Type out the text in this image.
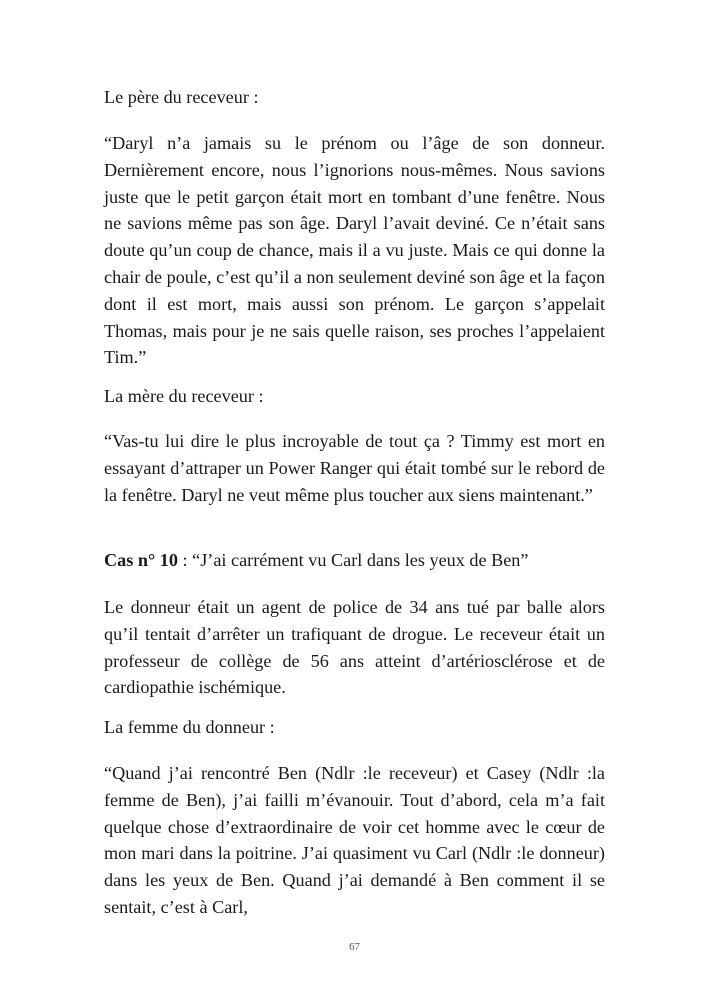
Le père du receveur :

“Daryl n’a jamais su le prénom ou l’âge de son donneur. Dernièrement encore, nous l’ignorions nous-mêmes. Nous savions juste que le petit garçon était mort en tombant d’une fenêtre. Nous ne savions même pas son âge. Daryl l’avait deviné. Ce n’était sans doute qu’un coup de chance, mais il a vu juste. Mais ce qui donne la chair de poule, c’est qu’il a non seulement deviné son âge et la façon dont il est mort, mais aussi son prénom. Le garçon s’appelait Thomas, mais pour je ne sais quelle raison, ses proches l’appelaient Tim.”

La mère du receveur :

“Vas-tu lui dire le plus incroyable de tout ça ? Timmy est mort en essayant d’attraper un Power Ranger qui était tombé sur le rebord de la fenêtre. Daryl ne veut même plus toucher aux siens maintenant.”

Cas n° 10 : “J’ai carrément vu Carl dans les yeux de Ben”

Le donneur était un agent de police de 34 ans tué par balle alors qu’il tentait d’arrêter un trafiquant de drogue. Le receveur était un professeur de collège de 56 ans atteint d’artériosclérose et de cardiopathie ischémique.

La femme du donneur :

“Quand j’ai rencontré Ben (Ndlr :le receveur) et Casey (Ndlr :la femme de Ben), j’ai failli m’évanouir. Tout d’abord, cela m’a fait quelque chose d’extraordinaire de voir cet homme avec le cœur de mon mari dans la poitrine. J’ai quasiment vu Carl (Ndlr :le donneur) dans les yeux de Ben. Quand j’ai demandé à Ben comment il se sentait, c’est à Carl,

67
